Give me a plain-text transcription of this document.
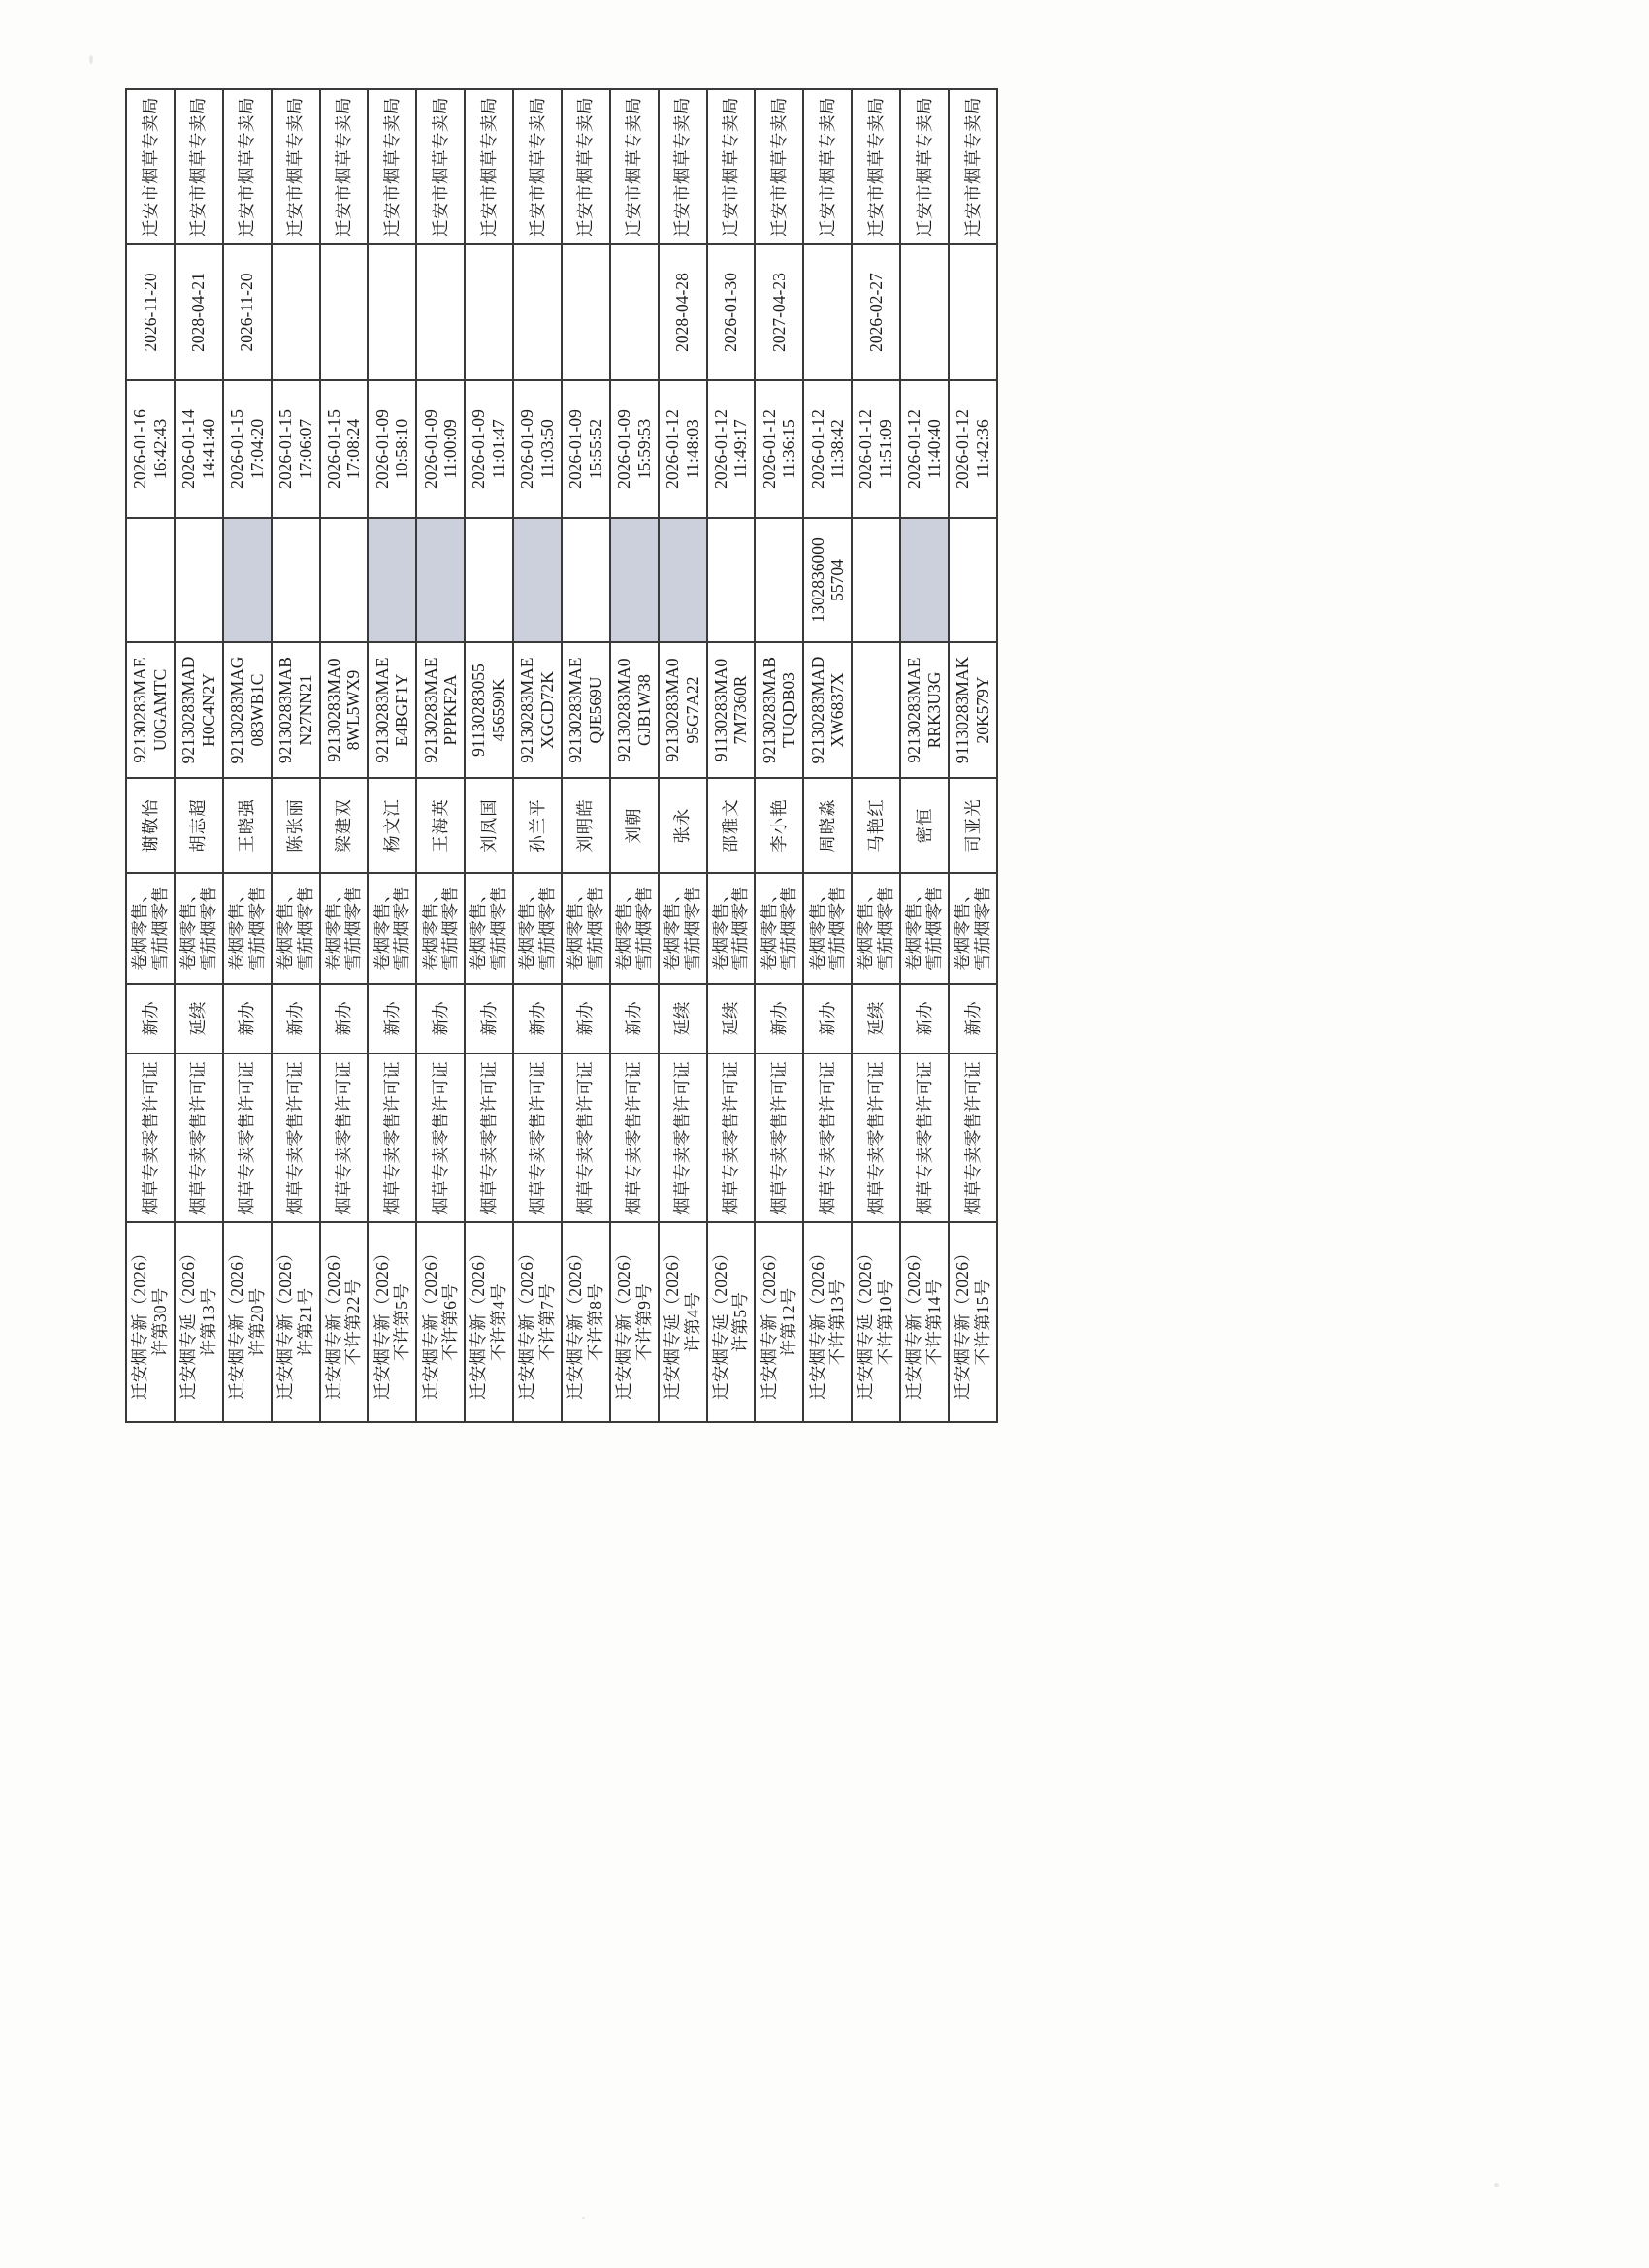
迁安烟专新（2026） 许第30号	烟草专卖零售许可证	新办	卷烟零售、 雪茄烟零售	谢敬怡	92130283MAE U0GAMTC		2026-01-16 16:42:43	2026-11-20	迁安市烟草专卖局

迁安烟专延（2026） 许第13号	烟草专卖零售许可证	延续	卷烟零售、 雪茄烟零售	胡志超	92130283MAD H0C4N2Y		2026-01-14 14:41:40	2028-04-21	迁安市烟草专卖局

迁安烟专新（2026） 许第20号	烟草专卖零售许可证	新办	卷烟零售、 雪茄烟零售	王晓强	92130283MAG 083WB1C		2026-01-15 17:04:20	2026-11-20	迁安市烟草专卖局

迁安烟专新（2026） 许第21号	烟草专卖零售许可证	新办	卷烟零售、 雪茄烟零售	陈张丽	92130283MAB N27NN21		2026-01-15 17:06:07		迁安市烟草专卖局

迁安烟专新（2026） 不许第22号	烟草专卖零售许可证	新办	卷烟零售、 雪茄烟零售	梁建双	92130283MA0 8WL5WX9		2026-01-15 17:08:24		迁安市烟草专卖局

迁安烟专新（2026） 不许第5号	烟草专卖零售许可证	新办	卷烟零售、 雪茄烟零售	杨文江	92130283MAE E4BGF1Y		2026-01-09 10:58:10		迁安市烟草专卖局

迁安烟专新（2026） 不许第6号	烟草专卖零售许可证	新办	卷烟零售、 雪茄烟零售	王海英	92130283MAE PPPKF2A		2026-01-09 11:00:09		迁安市烟草专卖局

迁安烟专新（2026） 不许第4号	烟草专卖零售许可证	新办	卷烟零售、 雪茄烟零售	刘凤国	91130283055 456590K		2026-01-09 11:01:47		迁安市烟草专卖局

迁安烟专新（2026） 不许第7号	烟草专卖零售许可证	新办	卷烟零售、 雪茄烟零售	孙兰平	92130283MAE XGCD72K		2026-01-09 11:03:50		迁安市烟草专卖局

迁安烟专新（2026） 不许第8号	烟草专卖零售许可证	新办	卷烟零售、 雪茄烟零售	刘明皓	92130283MAE QJE569U		2026-01-09 15:55:52		迁安市烟草专卖局

迁安烟专新（2026） 不许第9号	烟草专卖零售许可证	新办	卷烟零售、 雪茄烟零售	刘朝	92130283MA0 GJB1W38		2026-01-09 15:59:53		迁安市烟草专卖局

迁安烟专延（2026） 许第4号	烟草专卖零售许可证	延续	卷烟零售、 雪茄烟零售	张永	92130283MA0 95G7A22		2026-01-12 11:48:03	2028-04-28	迁安市烟草专卖局

迁安烟专延（2026） 许第5号	烟草专卖零售许可证	延续	卷烟零售、 雪茄烟零售	邵雅文	91130283MA0 7M7360R		2026-01-12 11:49:17	2026-01-30	迁安市烟草专卖局

迁安烟专新（2026） 许第12号	烟草专卖零售许可证	新办	卷烟零售、 雪茄烟零售	李小艳	92130283MAB TUQDB03		2026-01-12 11:36:15	2027-04-23	迁安市烟草专卖局

迁安烟专新（2026） 不许第13号	烟草专卖零售许可证	新办	卷烟零售、 雪茄烟零售	周晓淼	92130283MAD XW6837X	1302836000 55704	2026-01-12 11:38:42		迁安市烟草专卖局

迁安烟专延（2026） 不许第10号	烟草专卖零售许可证	延续	卷烟零售、 雪茄烟零售	马艳红			2026-01-12 11:51:09	2026-02-27	迁安市烟草专卖局

迁安烟专新（2026） 不许第14号	烟草专卖零售许可证	新办	卷烟零售、 雪茄烟零售	密恒	92130283MAE RRK3U3G		2026-01-12 11:40:40		迁安市烟草专卖局

迁安烟专新（2026） 不许第15号	烟草专卖零售许可证	新办	卷烟零售、 雪茄烟零售	司亚光	91130283MAK 20K579Y		2026-01-12 11:42:36		迁安市烟草专卖局
